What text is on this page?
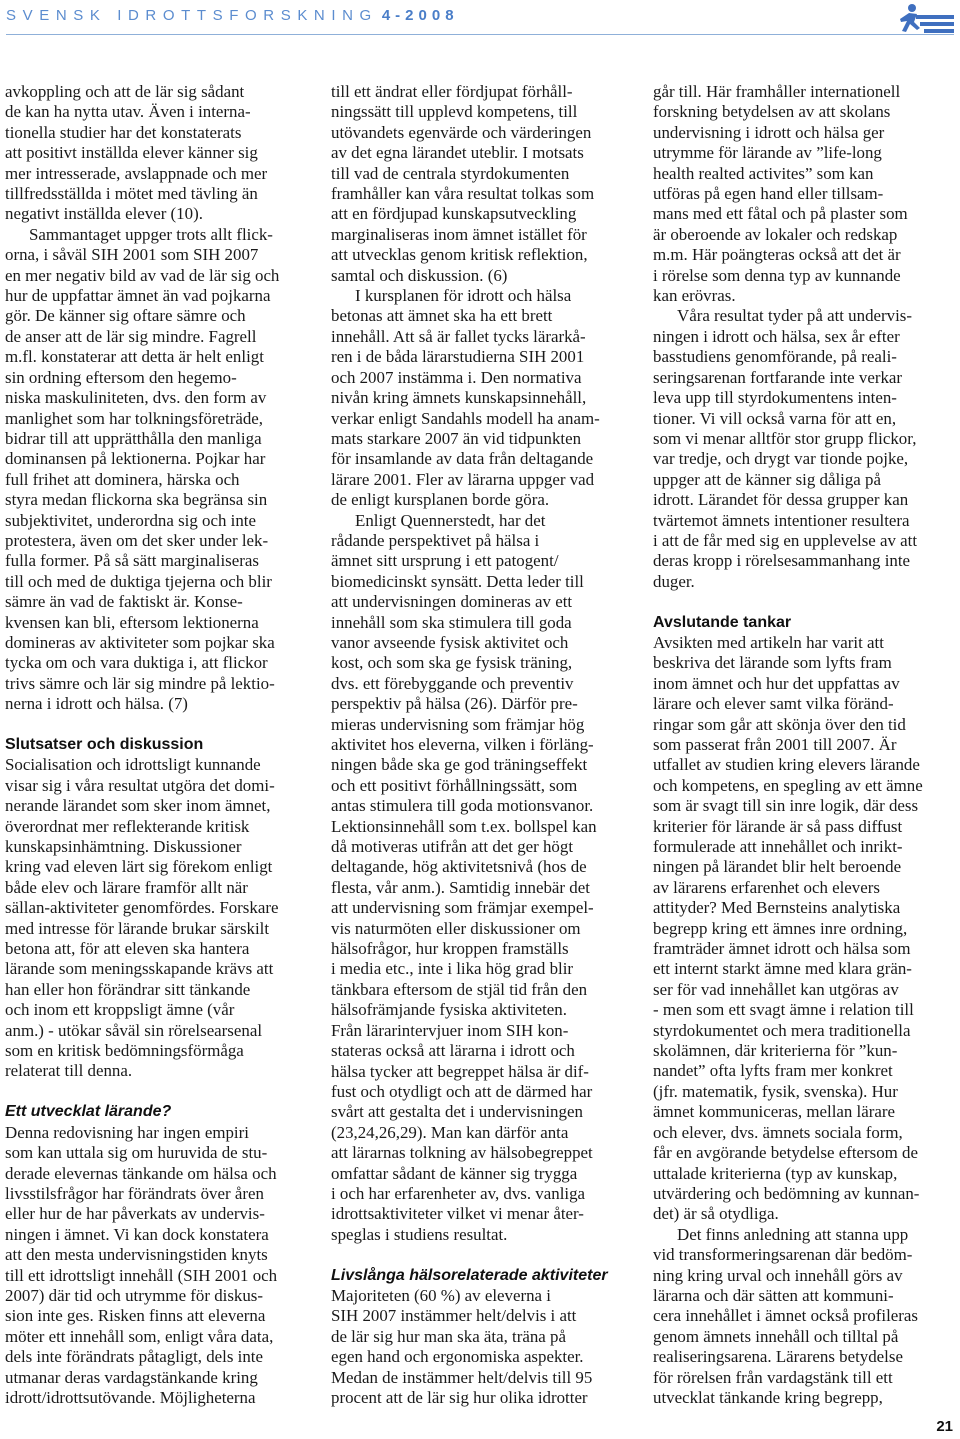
SVENSK IDROTTSFORSKNING 4-2008

avkoppling och att de lär sig sådant
de kan ha nytta utav. Även i interna-
tionella studier har det konstaterats
att positivt inställda elever känner sig
mer intresserade, avslappnade och mer
tillfredsställda i mötet med tävling än
negativt inställda elever (10).

Sammantaget uppger trots allt flick-
orna, i såväl SIH 2001 som SIH 2007
en mer negativ bild av vad de lär sig och
hur de uppfattar ämnet än vad pojkarna
gör. De känner sig oftare sämre och
de anser att de lär sig mindre. Fagrell
m.fl. konstaterar att detta är helt enligt
sin ordning eftersom den hegemo-
niska maskuliniteten, dvs. den form av
manlighet som har tolkningsföreträde,
bidrar till att upprätthålla den manliga
dominansen på lektionerna. Pojkar har
full frihet att dominera, härska och
styra medan flickorna ska begränsa sin
subjektivitet, underordna sig och inte
protestera, även om det sker under lek-
fulla former. På så sätt marginaliseras
till och med de duktiga tjejerna och blir
sämre än vad de faktiskt är. Konse-
kvensen kan bli, eftersom lektionerna
domineras av aktiviteter som pojkar ska
tycka om och vara duktiga i, att flickor
trivs sämre och lär sig mindre på lektio-
nerna i idrott och hälsa. (7)

Slutsatser och diskussion

Socialisation och idrottsligt kunnande
visar sig i våra resultat utgöra det domi-
nerande lärandet som sker inom ämnet,
överordnat mer reflekterande kritisk
kunskapsinhämtning. Diskussioner
kring vad eleven lärt sig förekom enligt
både elev och lärare framför allt när
sällan-aktiviteter genomfördes. Forskare
med intresse för lärande brukar särskilt
betona att, för att eleven ska hantera
lärande som meningsskapande krävs att
han eller hon förändrar sitt tänkande
och inom ett kroppsligt ämne (vår
anm.) - utökar såväl sin rörelsearsenal
som en kritisk bedömningsförmåga
relaterat till denna.

Ett utvecklat lärande?

Denna redovisning har ingen empiri
som kan uttala sig om huruvida de stu-
derade elevernas tänkande om hälsa och
livsstilsfrågor har förändrats över åren
eller hur de har påverkats av undervis-
ningen i ämnet. Vi kan dock konstatera
att den mesta undervisningstiden knyts
till ett idrottsligt innehåll (SIH 2001 och
2007) där tid och utrymme för diskus-
sion inte ges. Risken finns att eleverna
möter ett innehåll som, enligt våra data,
dels inte förändrats påtagligt, dels inte
utmanar deras vardagstänkande kring
idrott/idrottsutövande. Möjligheterna

till ett ändrat eller fördjupat förhåll-
ningssätt till upplevd kompetens, till
utövandets egenvärde och värderingen
av det egna lärandet uteblir. I motsats
till vad de centrala styrdokumenten
framhåller kan våra resultat tolkas som
att en fördjupad kunskapsutveckling
marginaliseras inom ämnet istället för
att utvecklas genom kritisk reflektion,
samtal och diskussion. (6)

I kursplanen för idrott och hälsa
betonas att ämnet ska ha ett brett
innehåll. Att så är fallet tycks lärarkå-
ren i de båda lärarstudierna SIH 2001
och 2007 instämma i. Den normativa
nivån kring ämnets kunskapsinnehåll,
verkar enligt Sandahls modell ha anam-
mats starkare 2007 än vid tidpunkten
för insamlande av data från deltagande
lärare 2001. Fler av lärarna uppger vad
de enligt kursplanen borde göra.

Enligt Quennerstedt, har det
rådande perspektivet på hälsa i
ämnet sitt ursprung i ett patogent/
biomedicinskt synsätt. Detta leder till
att undervisningen domineras av ett
innehåll som ska stimulera till goda
vanor avseende fysisk aktivitet och
kost, och som ska ge fysisk träning,
dvs. ett förebyggande och preventiv
perspektiv på hälsa (26). Därför pre-
mieras undervisning som främjar hög
aktivitet hos eleverna, vilken i förläng-
ningen både ska ge god träningseffekt
och ett positivt förhållningssätt, som
antas stimulera till goda motionsvanor.
Lektionsinnehåll som t.ex. bollspel kan
då motiveras utifrån att det ger högt
deltagande, hög aktivitetsnivå (hos de
flesta, vår anm.). Samtidig innebär det
att undervisning som främjar exempel-
vis naturmöten eller diskussioner om
hälsofrågor, hur kroppen framställs
i media etc., inte i lika hög grad blir
tänkbara eftersom de stjäl tid från den
hälsofrämjande fysiska aktiviteten.
Från lärarintervjuer inom SIH kon-
stateras också att lärarna i idrott och
hälsa tycker att begreppet hälsa är dif-
fust och otydligt och att de därmed har
svårt att gestalta det i undervisningen
(23,24,26,29). Man kan därför anta
att lärarnas tolkning av hälsobegreppet
omfattar sådant de känner sig trygga
i och har erfarenheter av, dvs. vanliga
idrottsaktiviteter vilket vi menar åter-
speglas i studiens resultat.

Livslånga hälsorelaterade aktiviteter

Majoriteten (60 %) av eleverna i
SIH 2007 instämmer helt/delvis i att
de lär sig hur man ska äta, träna på
egen hand och ergonomiska aspekter.
Medan de instämmer helt/delvis till 95
procent att de lär sig hur olika idrotter

går till. Här framhåller internationell
forskning betydelsen av att skolans
undervisning i idrott och hälsa ger
utrymme för lärande av ”life-long
health realted activites” som kan
utföras på egen hand eller tillsam-
mans med ett fåtal och på plaster som
är oberoende av lokaler och redskap
m.m. Här poängteras också att det är
i rörelse som denna typ av kunnande
kan erövras.

Våra resultat tyder på att undervis-
ningen i idrott och hälsa, sex år efter
basstudiens genomförande, på reali-
seringsarenan fortfarande inte verkar
leva upp till styrdokumentens inten-
tioner. Vi vill också varna för att en,
som vi menar alltför stor grupp flickor,
var tredje, och drygt var tionde pojke,
uppger att de känner sig dåliga på
idrott. Lärandet för dessa grupper kan
tvärtemot ämnets intentioner resultera
i att de får med sig en upplevelse av att
deras kropp i rörelsesammanhang inte
duger.

Avslutande tankar

Avsikten med artikeln har varit att
beskriva det lärande som lyfts fram
inom ämnet och hur det uppfattas av
lärare och elever samt vilka föränd-
ringar som går att skönja över den tid
som passerat från 2001 till 2007. Är
utfallet av studien kring elevers lärande
och kompetens, en spegling av ett ämne
som är svagt till sin inre logik, där dess
kriterier för lärande är så pass diffust
formulerade att innehållet och inrikt-
ningen på lärandet blir helt beroende
av lärarens erfarenhet och elevers
attityder? Med Bernsteins analytiska
begrepp kring ett ämnes inre ordning,
framträder ämnet idrott och hälsa som
ett internt starkt ämne med klara grän-
ser för vad innehållet kan utgöras av
- men som ett svagt ämne i relation till
styrdokumentet och mera traditionella
skolämnen, där kriterierna för ”kun-
nandet” ofta lyfts fram mer konkret
(jfr. matematik, fysik, svenska). Hur
ämnet kommuniceras, mellan lärare
och elever, dvs. ämnets sociala form,
får en avgörande betydelse eftersom de
uttalade kriterierna (typ av kunskap,
utvärdering och bedömning av kunnan-
det) är så otydliga.

Det finns anledning att stanna upp
vid transformeringsarenan där bedöm-
ning kring urval och innehåll görs av
lärarna och där sätten att kommuni-
cera innehållet i ämnet också profileras
genom ämnets innehåll och tilltal på
realiseringsarena. Lärarens betydelse
för rörelsen från vardagstänk till ett
utvecklat tänkande kring begrepp,

21
